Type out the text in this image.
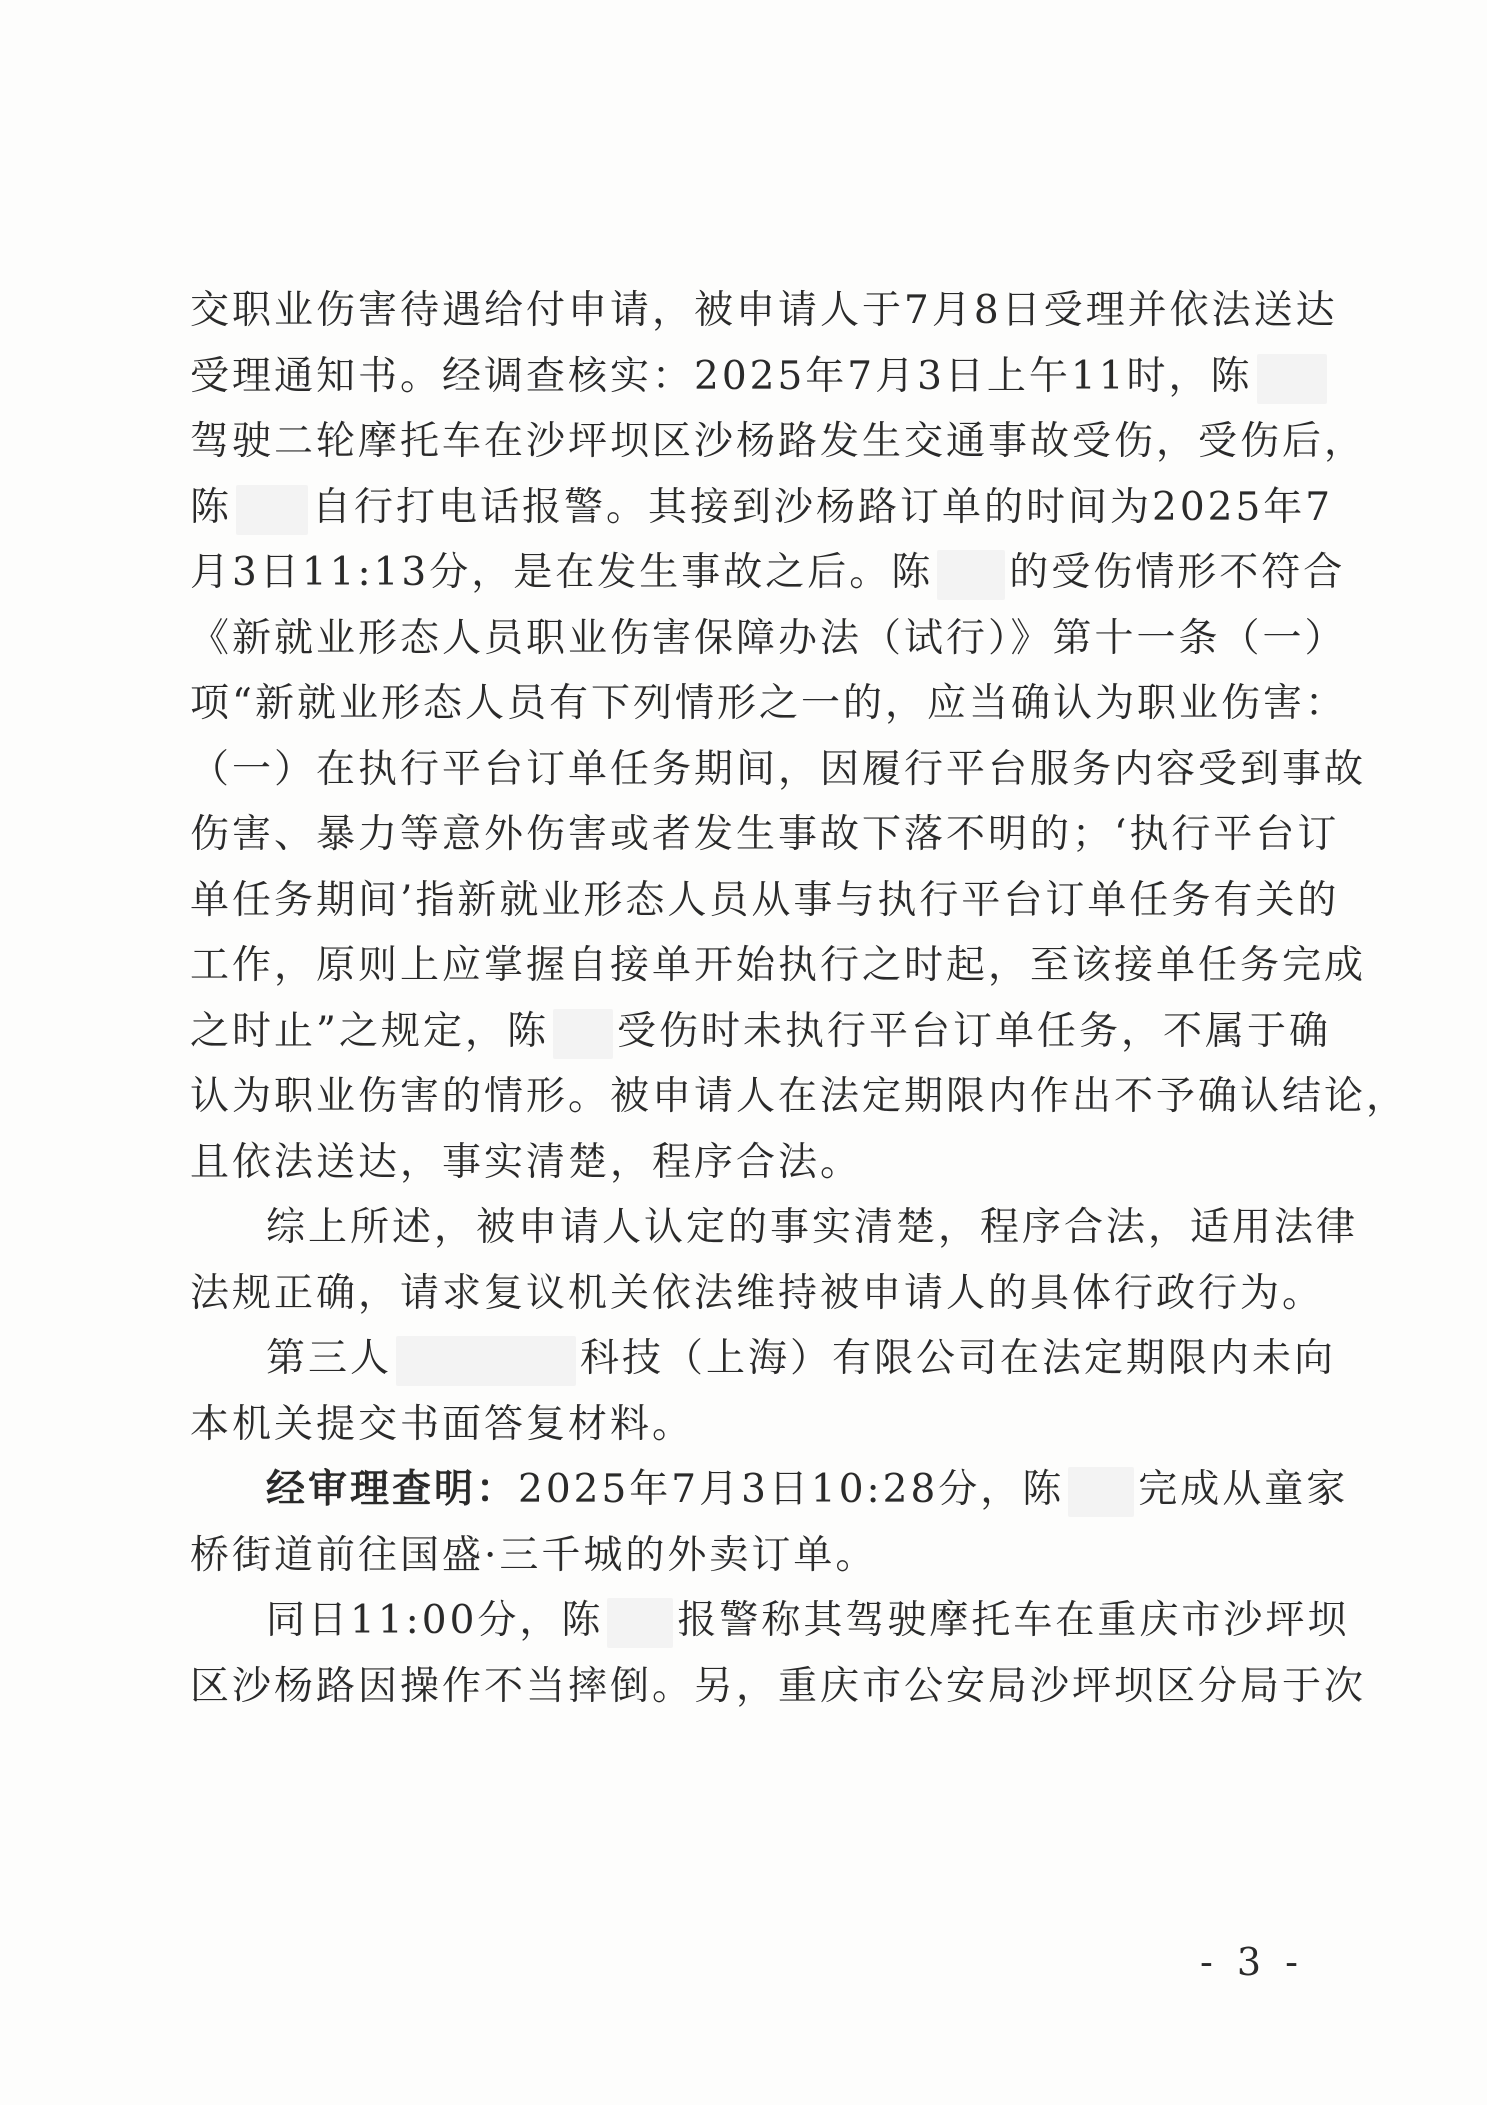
交职业伤害待遇给付申请，被申请人于7月8日受理并依法送达
受理通知书。经调查核实：2025年7月3日上午11时，陈
驾驶二轮摩托车在沙坪坝区沙杨路发生交通事故受伤，受伤后，
陈 自行打电话报警。其接到沙杨路订单的时间为2025年7
月3日11:13分，是在发生事故之后。陈 的受伤情形不符合
《新就业形态人员职业伤害保障办法（试行）》第十一条（一）
项“新就业形态人员有下列情形之一的，应当确认为职业伤害：
（一）在执行平台订单任务期间，因履行平台服务内容受到事故
伤害、暴力等意外伤害或者发生事故下落不明的；‘执行平台订
单任务期间’指新就业形态人员从事与执行平台订单任务有关的
工作，原则上应掌握自接单开始执行之时起，至该接单任务完成
之时止”之规定，陈 受伤时未执行平台订单任务，不属于确
认为职业伤害的情形。被申请人在法定期限内作出不予确认结论，
且依法送达，事实清楚，程序合法。
综上所述，被申请人认定的事实清楚，程序合法，适用法律
法规正确，请求复议机关依法维持被申请人的具体行政行为。
第三人	科技（上海）有限公司在法定期限内未向
本机关提交书面答复材料。
经审理查明：2025年7月3日10:28分，陈 完成从童家
桥街道前往国盛·三千城的外卖订单。
同日11:00分，陈 报警称其驾驶摩托车在重庆市沙坪坝
区沙杨路因操作不当摔倒。另，重庆市公安局沙坪坝区分局于次
- 3 -
